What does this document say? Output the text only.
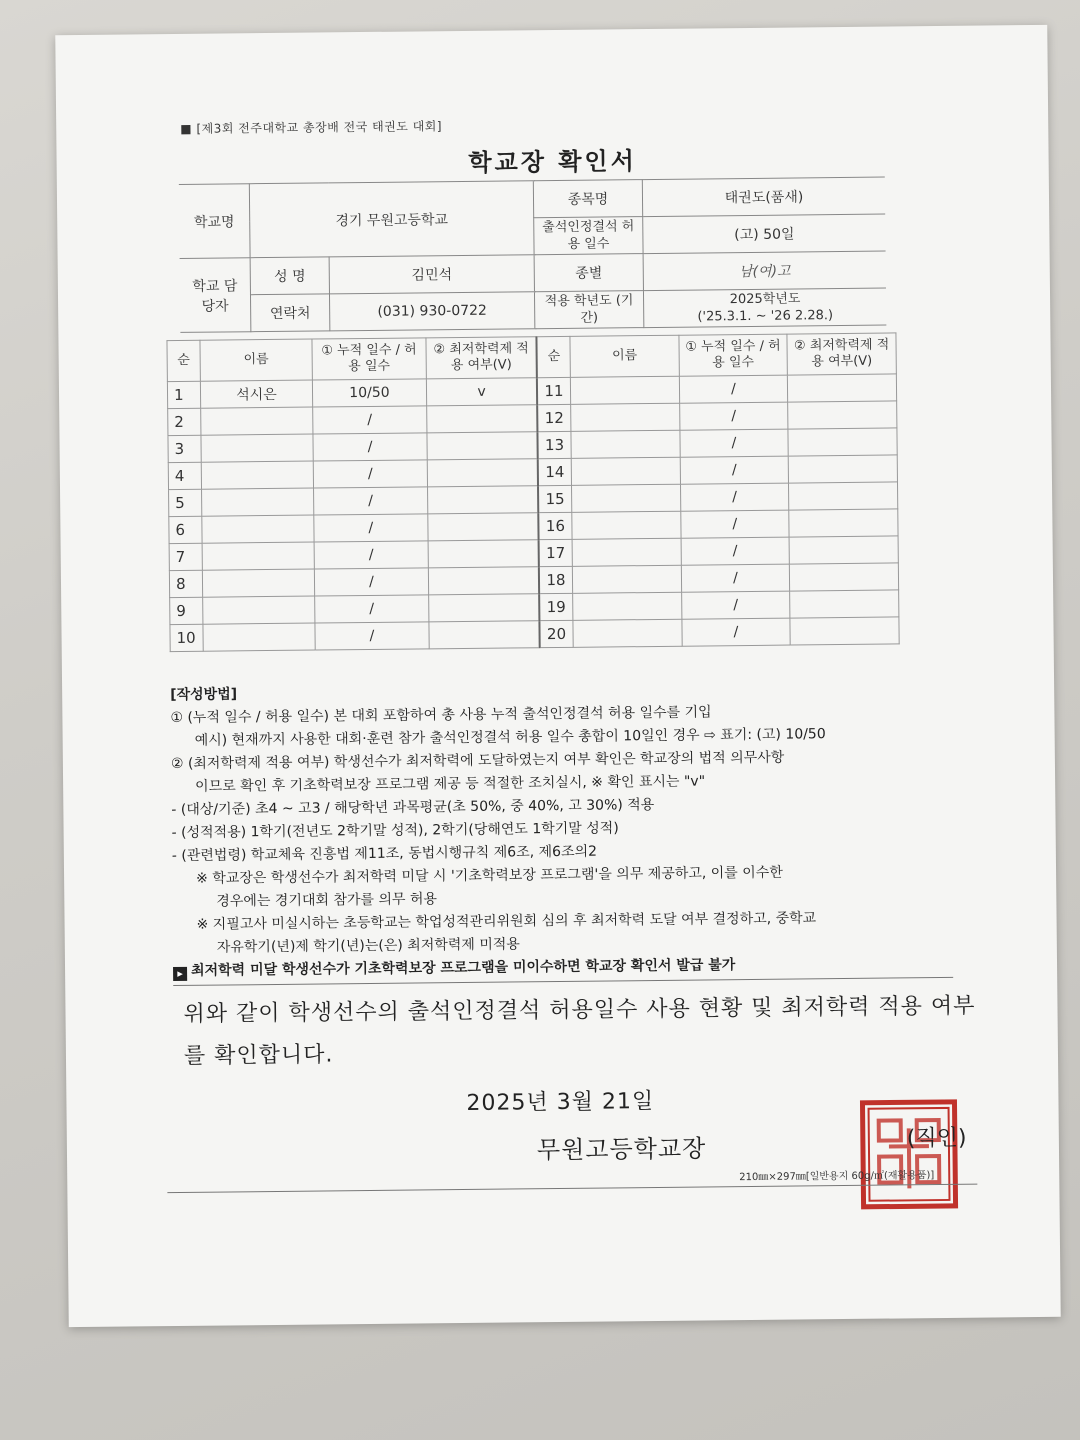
■ [제3회 전주대학교 총장배 전국 태권도 대회]
학교장 확인서
학교명	경기 무원고등학교		종목명	태권도(품새)
			출석인정결석 허용 일수	(고) 50일
학교 담당자	성 명	김민석	종별	남(여)고
	연락처	(031) 930-0722	적용 학년도 (기간)	2025학년도
('25.3.1. ~ '26 2.28.)
순	이름	① 누적 일수 / 허용 일수	② 최저학력제 적용 여부(V)	순	이름	① 누적 일수 / 허용 일수	② 최저학력제 적용 여부(V)
1	석시은	10/50	v	11		/	
2		/		12		/	
3		/		13		/	
4		/		14		/	
5		/		15		/	
6		/		16		/	
7		/		17		/	
8		/		18		/	
9		/		19		/	
10		/		20		/	
[작성방법]
① (누적 일수 / 허용 일수) 본 대회 포함하여 총 사용 누적 출석인정결석 허용 일수를 기입
예시) 현재까지 사용한 대회·훈련 참가 출석인정결석 허용 일수 총합이 10일인 경우 ⇨ 표기: (고) 10/50
② (최저학력제 적용 여부) 학생선수가 최저학력에 도달하였는지 여부 확인은 학교장의 법적 의무사항
이므로 확인 후 기초학력보장 프로그램 제공 등 적절한 조치실시, ※ 확인 표시는 "v"
- (대상/기준) 초4 ~ 고3 / 해당학년 과목평균(초 50%, 중 40%, 고 30%) 적용
- (성적적용) 1학기(전년도 2학기말 성적), 2학기(당해연도 1학기말 성적)
- (관련법령) 학교체육 진흥법 제11조, 동법시행규칙 제6조, 제6조의2
※ 학교장은 학생선수가 최저학력 미달 시 '기초학력보장 프로그램'을 의무 제공하고, 이를 이수한
경우에는 경기대회 참가를 의무 허용
※ 지필고사 미실시하는 초등학교는 학업성적관리위원회 심의 후 최저학력 도달 여부 결정하고, 중학교
자유학기(년)제 학기(년)는(은) 최저학력제 미적용
▸ 최저학력 미달 학생선수가 기초학력보장 프로그램을 미이수하면 학교장 확인서 발급 불가
위와 같이 학생선수의 출석인정결석 허용일수 사용 현황 및 최저학력 적용 여부를 확인합니다.
2025년 3월 21일
무원고등학교장	(직인)
210㎜×297㎜[일반용지 60g/㎡(재활용품)]
